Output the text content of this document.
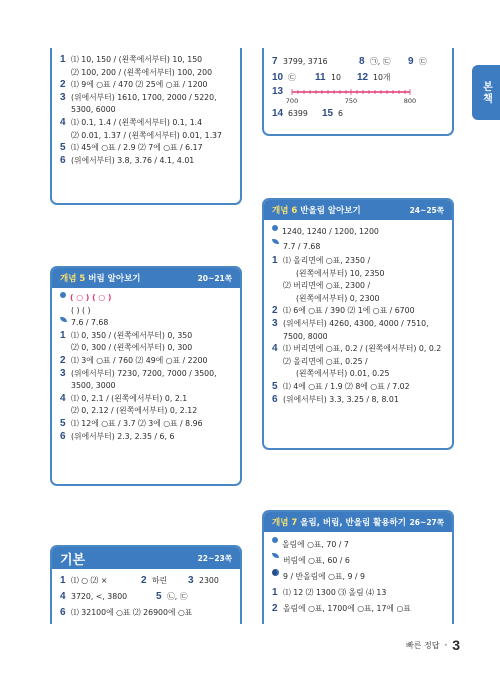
본책
1 ⑴ 10, 150 / (왼쪽에서부터) 10, 150
⑵ 100, 200 / (왼쪽에서부터) 100, 200
2 ⑴ 9에 ○표 / 470 ⑵ 25에 ○표 / 1200
3 (위에서부터) 1610, 1700, 2000 / 5220,
5300, 6000
4 ⑴ 0.1, 1.4 / (왼쪽에서부터) 0.1, 1.4
⑵ 0.01, 1.37 / (왼쪽에서부터) 0.01, 1.37
5 ⑴ 45에 ○표 / 2.9 ⑵ 7에 ○표 / 6.17
6 (위에서부터) 3.8, 3.76 / 4.1, 4.01
7 3799, 3716	8 ㉠, ㉢	9 ㉢
10 ㉢	11 10	12 10개
13
700	750	800
14 6399	15 6
개념 5 버림 알아보기	20~21쪽
( ○ ) ( ○ )
( ) ( )
7.6 / 7.68
1 ⑴ 0, 350 / (왼쪽에서부터) 0, 350
⑵ 0, 300 / (왼쪽에서부터) 0, 300
2 ⑴ 3에 ○표 / 760 ⑵ 49에 ○표 / 2200
3 (위에서부터) 7230, 7200, 7000 / 3500,
3500, 3000
4 ⑴ 0, 2.1 / (왼쪽에서부터) 0, 2.1
⑵ 0, 2.12 / (왼쪽에서부터) 0, 2.12
5 ⑴ 12에 ○표 / 3.7 ⑵ 3에 ○표 / 8.96
6 (위에서부터) 2.3, 2.35 / 6, 6
개념 6 반올림 알아보기	24~25쪽
1240, 1240 / 1200, 1200
7.7 / 7.68
1 ⑴ 올리면에 ○표, 2350 /
(왼쪽에서부터) 10, 2350
⑵ 버리면에 ○표, 2300 /
(왼쪽에서부터) 0, 2300
2 ⑴ 6에 ○표 / 390 ⑵ 1에 ○표 / 6700
3 (위에서부터) 4260, 4300, 4000 / 7510,
7500, 8000
4 ⑴ 버리면에 ○표, 0.2 / (왼쪽에서부터) 0, 0.2
⑵ 올리면에 ○표, 0.25 /
(왼쪽에서부터) 0.01, 0.25
5 ⑴ 4에 ○표 / 1.9 ⑵ 8에 ○표 / 7.02
6 (위에서부터) 3.3, 3.25 / 8, 8.01
개념 7 올림, 버림, 반올림 활용하기 26~27쪽
올림에 ○표, 70 / 7
버림에 ○표, 60 / 6
9 / 반올림에 ○표, 9 / 9
1 ⑴ 12 ⑵ 1300 ⑶ 올림 ⑷ 13
2 올림에 ○표, 1700에 ○표, 17에 ○표
기본	22~23쪽
1 ⑴ ○ ⑵ ×	2 하린	3 2300
4 3720, <, 3800	5 ㉡, ㉢
6 ⑴ 32100에 ○표 ⑵ 26900에 ○표
빠른 정답 • 3
